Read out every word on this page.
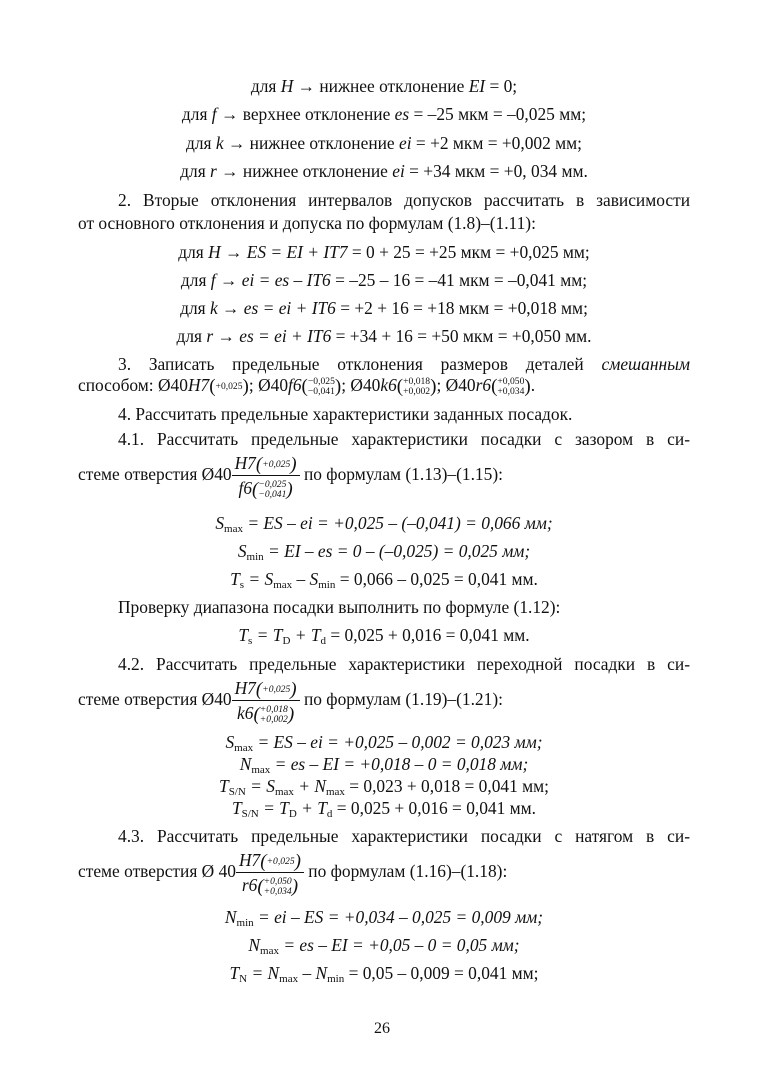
для H → нижнее отклонение EI = 0;
для f → верхнее отклонение es = –25 мкм = –0,025 мм;
для k → нижнее отклонение ei = +2 мкм = +0,002 мм;
для r → нижнее отклонение ei = +34 мкм = +0, 034 мм.
2. Вторые отклонения интервалов допусков рассчитать в зависимости
от основного отклонения и допуска по формулам (1.8)–(1.11):
для H → ES = EI + IT7 = 0 + 25 = +25 мкм = +0,025 мм;
для f → ei = es – IT6 = –25 – 16 = –41 мкм = –0,041 мм;
для k → es = ei + IT6 = +2 + 16 = +18 мкм = +0,018 мм;
для r → es = ei + IT6 = +34 + 16 = +50 мкм = +0,050 мм.
3. Записать предельные отклонения размеров деталей смешанным
способом: Ø40H7(+0,025); Ø40f6(−0,025
−0,041); Ø40k6(+0,018
+0,002); Ø40r6(+0,050
+0,034).
4. Рассчитать предельные характеристики заданных посадок.
4.1. Рассчитать предельные характеристики посадки с зазором в си-
стеме отверстия Ø40
H7(+0,025)
f6(−0,025
−0,041)
по формулам (1.13)–(1.15):
$S_{max}$ = ES – ei = +0,025 – (–0,041) = 0,066 мм;
$S_{min}$ = EI – es = 0 – (–0,025) = 0,025 мм;
$T_s = S_{max} - S_{min} = 0,066 - 0,025 = 0,041$ мм.
Проверку диапазона посадки выполнить по формуле (1.12):
$T_s = T_D + T_d = 0,025 + 0,016 = 0,041$ мм.
4.2. Рассчитать предельные характеристики переходной посадки в си-
стеме отверстия Ø40
H7(+0,025)
k6(+0,018
+0,002)
по формулам (1.19)–(1.21):
$S_{max}$ = ES – ei = +0,025 – 0,002 = 0,023 мм;
$N_{max}$ = es – EI = +0,018 – 0 = 0,018 мм;
$T_{S/N} = S_{max} + N_{max} = 0,023 + 0,018 = 0,041$ мм;
$T_{S/N} = T_D + T_d = 0,025 + 0,016 = 0,041$ мм.
4.3. Рассчитать предельные характеристики посадки с натягом в си-
стеме отверстия Ø 40
H7(+0,025)
r6(+0,050
+0,034)
по формулам (1.16)–(1.18):
$N_{min}$ = ei – ES = +0,034 – 0,025 = 0,009 мм;
$N_{max}$ = es – EI = +0,05 – 0 = 0,05 мм;
$T_N = N_{max} - N_{min} = 0,05 - 0,009 = 0,041$ мм;
26
